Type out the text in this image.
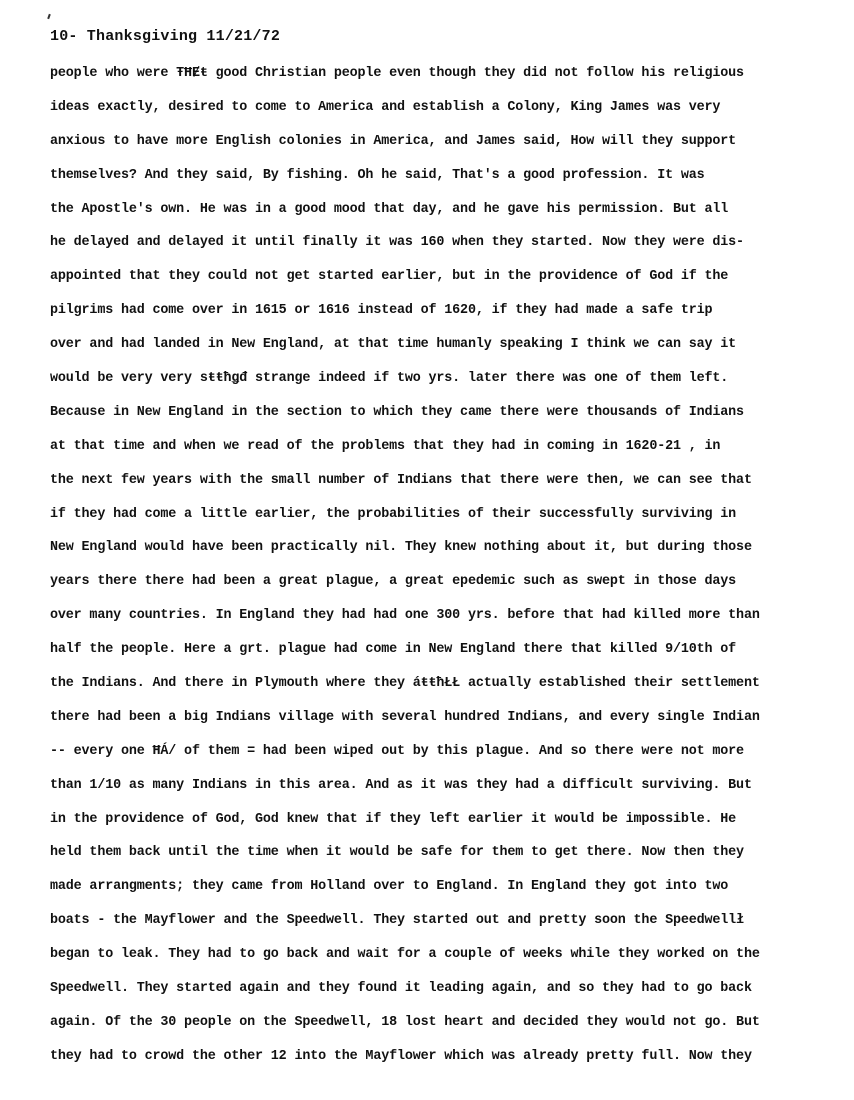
10- Thanksgiving 11/21/72
people who were ŦĦɆŧ good Christian people even though they did not follow his religious
ideas exactly, desired to come to America and establish a Colony, King James was very
anxious to have more English colonies in America, and James said, How will they support
themselves? And they said, By fishing. Oh he said, That's a good profession. It was
the Apostle's own. He was in a good mood that day, and he gave his permission. But all
he delayed and delayed it until finally it was 160 when they started. Now they were dis-
appointed that they could not get started earlier, but in the providence of God if the
pilgrims had come over in 1615 or 1616 instead of 1620, if they had made a safe trip
over and had landed in New England, at that time humanly speaking I think we can say it
would be very very sŧŧħǥđ strange indeed if two yrs. later there was one of them left.
Because in New England in the section to which they came there were thousands of Indians
at that time and when we read of the problems that they had in coming in 1620-21 , in
the next few years with the small number of Indians that there were then, we can see that
if they had come a little earlier, the probabilities of their successfully surviving in
New England would have been practically nil. They knew nothing about it, but during those
years there there had been a great plague, a great epedemic such as swept in those days
over many countries. In England they had had one 300 yrs. before that had killed more than
half the people. Here a grt. plague had come in New England there that killed 9/10th of
the Indians. And there in Plymouth where they áŧŧħŁŁ actually established their settlement
there had been a big Indians village with several hundred Indians, and every single Indian
-- every one ĦÁ/ of them = had been wiped out by this plague. And so there were not more
than 1/10 as many Indians in this area. And as it was they had a difficult surviving. But
in the providence of God, God knew that if they left earlier it would be impossible. He
held them back until the time when it would be safe for them to get there. Now then they
made arrangments; they came from Holland over to England. In England they got into two
boats - the Mayflower and the Speedwell. They started out and pretty soon the Speedwellł
began to leak. They had to go back and wait for a couple of weeks while they worked on the
Speedwell. They started again and they found it leading again, and so they had to go back
again. Of the 30 people on the Speedwell, 18 lost heart and decided they would not go. But
they had to crowd the other 12 into the Mayflower which was already pretty full. Now they
